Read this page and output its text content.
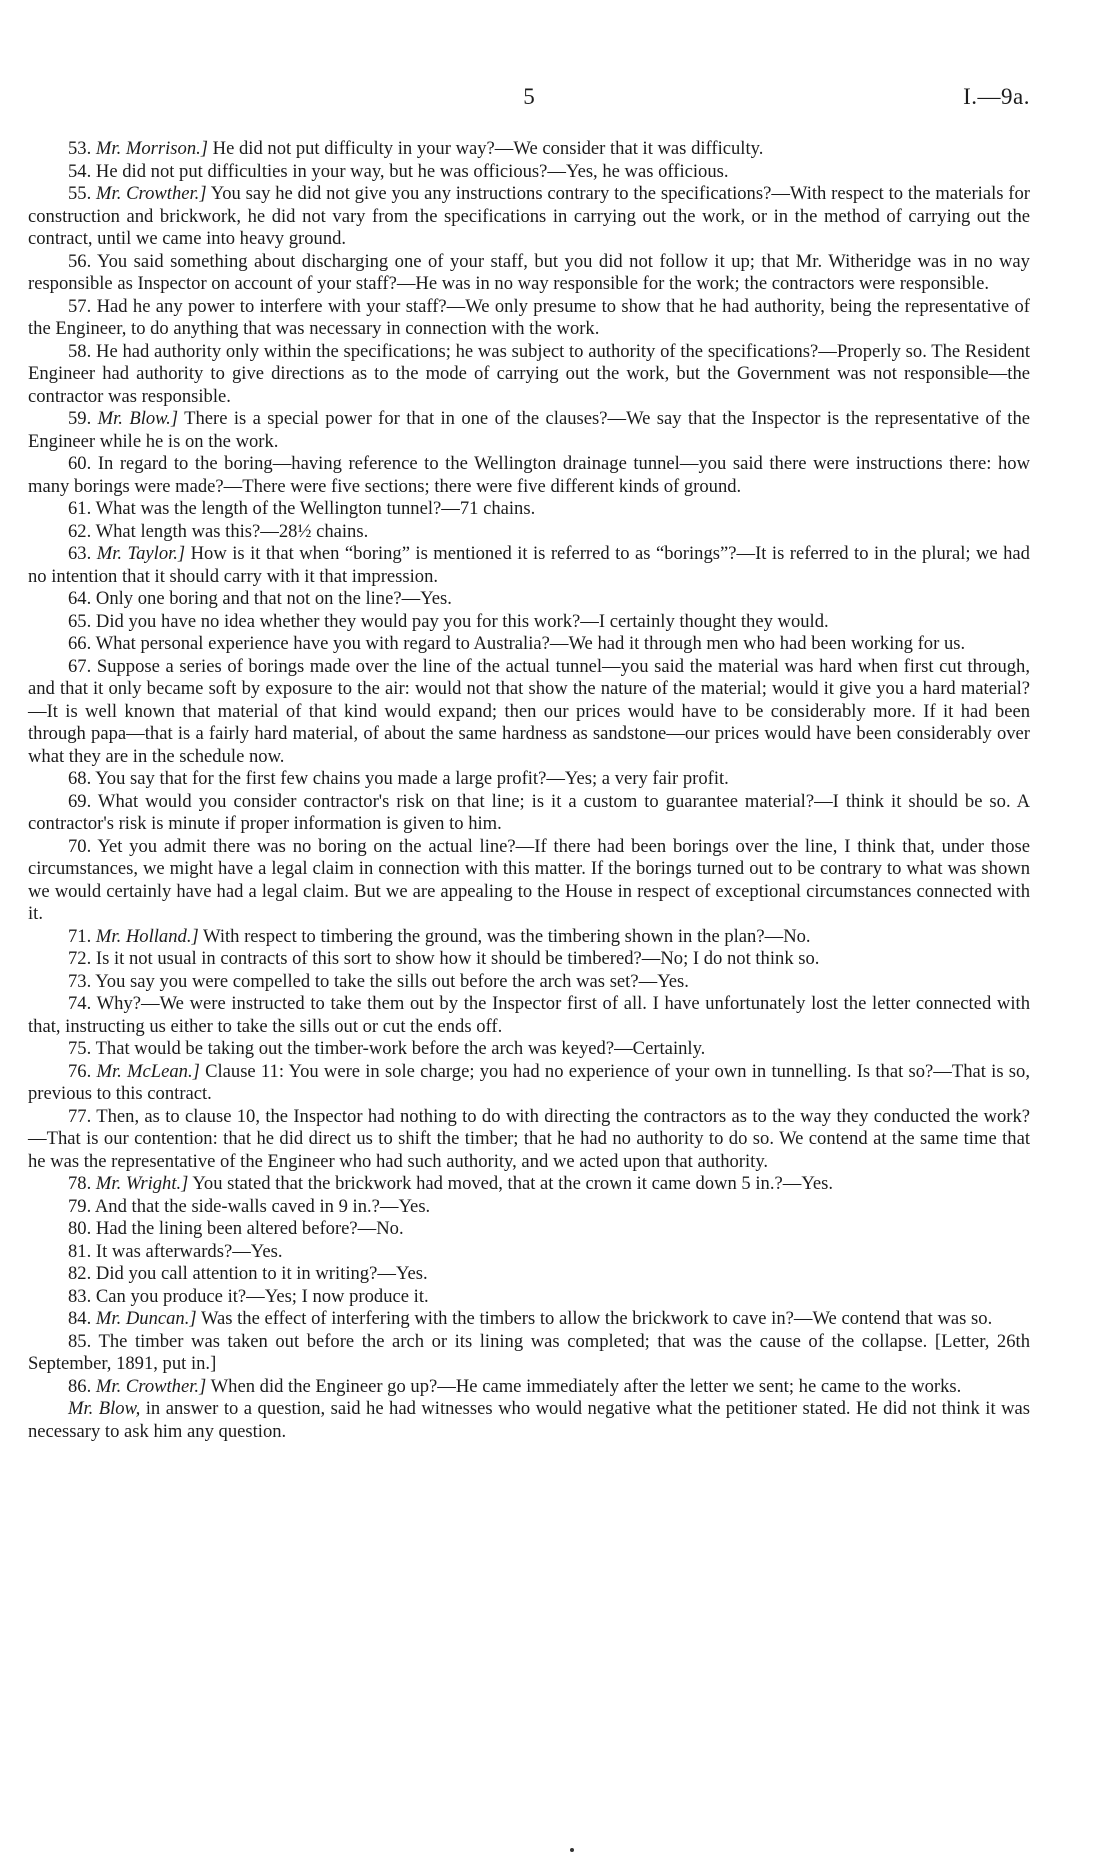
5	I.—9a.

53. Mr. Morrison.] He did not put difficulty in your way?—We consider that it was difficulty.

54. He did not put difficulties in your way, but he was officious?—Yes, he was officious.

55. Mr. Crowther.] You say he did not give you any instructions contrary to the specifications?—With respect to the materials for construction and brickwork, he did not vary from the specifications in carrying out the work, or in the method of carrying out the contract, until we came into heavy ground.

56. You said something about discharging one of your staff, but you did not follow it up; that Mr. Witheridge was in no way responsible as Inspector on account of your staff?—He was in no way responsible for the work; the contractors were responsible.

57. Had he any power to interfere with your staff?—We only presume to show that he had authority, being the representative of the Engineer, to do anything that was necessary in connection with the work.

58. He had authority only within the specifications; he was subject to authority of the specifications?—Properly so. The Resident Engineer had authority to give directions as to the mode of carrying out the work, but the Government was not responsible—the contractor was responsible.

59. Mr. Blow.] There is a special power for that in one of the clauses?—We say that the Inspector is the representative of the Engineer while he is on the work.

60. In regard to the boring—having reference to the Wellington drainage tunnel—you said there were instructions there: how many borings were made?—There were five sections; there were five different kinds of ground.

61. What was the length of the Wellington tunnel?—71 chains.

62. What length was this?—28½ chains.

63. Mr. Taylor.] How is it that when “boring” is mentioned it is referred to as “borings”?—It is referred to in the plural; we had no intention that it should carry with it that impression.

64. Only one boring and that not on the line?—Yes.

65. Did you have no idea whether they would pay you for this work?—I certainly thought they would.

66. What personal experience have you with regard to Australia?—We had it through men who had been working for us.

67. Suppose a series of borings made over the line of the actual tunnel—you said the material was hard when first cut through, and that it only became soft by exposure to the air: would not that show the nature of the material; would it give you a hard material?—It is well known that material of that kind would expand; then our prices would have to be considerably more. If it had been through papa—that is a fairly hard material, of about the same hardness as sandstone—our prices would have been considerably over what they are in the schedule now.

68. You say that for the first few chains you made a large profit?—Yes; a very fair profit.

69. What would you consider contractor's risk on that line; is it a custom to guarantee material?—I think it should be so. A contractor's risk is minute if proper information is given to him.

70. Yet you admit there was no boring on the actual line?—If there had been borings over the line, I think that, under those circumstances, we might have a legal claim in connection with this matter. If the borings turned out to be contrary to what was shown we would certainly have had a legal claim. But we are appealing to the House in respect of exceptional circumstances connected with it.

71. Mr. Holland.] With respect to timbering the ground, was the timbering shown in the plan?—No.

72. Is it not usual in contracts of this sort to show how it should be timbered?—No; I do not think so.

73. You say you were compelled to take the sills out before the arch was set?—Yes.

74. Why?—We were instructed to take them out by the Inspector first of all. I have unfortunately lost the letter connected with that, instructing us either to take the sills out or cut the ends off.

75. That would be taking out the timber-work before the arch was keyed?—Certainly.

76. Mr. McLean.] Clause 11: You were in sole charge; you had no experience of your own in tunnelling. Is that so?—That is so, previous to this contract.

77. Then, as to clause 10, the Inspector had nothing to do with directing the contractors as to the way they conducted the work?—That is our contention: that he did direct us to shift the timber; that he had no authority to do so. We contend at the same time that he was the representative of the Engineer who had such authority, and we acted upon that authority.

78. Mr. Wright.] You stated that the brickwork had moved, that at the crown it came down 5 in.?—Yes.

79. And that the side-walls caved in 9 in.?—Yes.

80. Had the lining been altered before?—No.

81. It was afterwards?—Yes.

82. Did you call attention to it in writing?—Yes.

83. Can you produce it?—Yes; I now produce it.

84. Mr. Duncan.] Was the effect of interfering with the timbers to allow the brickwork to cave in?—We contend that was so.

85. The timber was taken out before the arch or its lining was completed; that was the cause of the collapse. [Letter, 26th September, 1891, put in.]

86. Mr. Crowther.] When did the Engineer go up?—He came immediately after the letter we sent; he came to the works.

Mr. Blow, in answer to a question, said he had witnesses who would negative what the petitioner stated. He did not think it was necessary to ask him any question.
